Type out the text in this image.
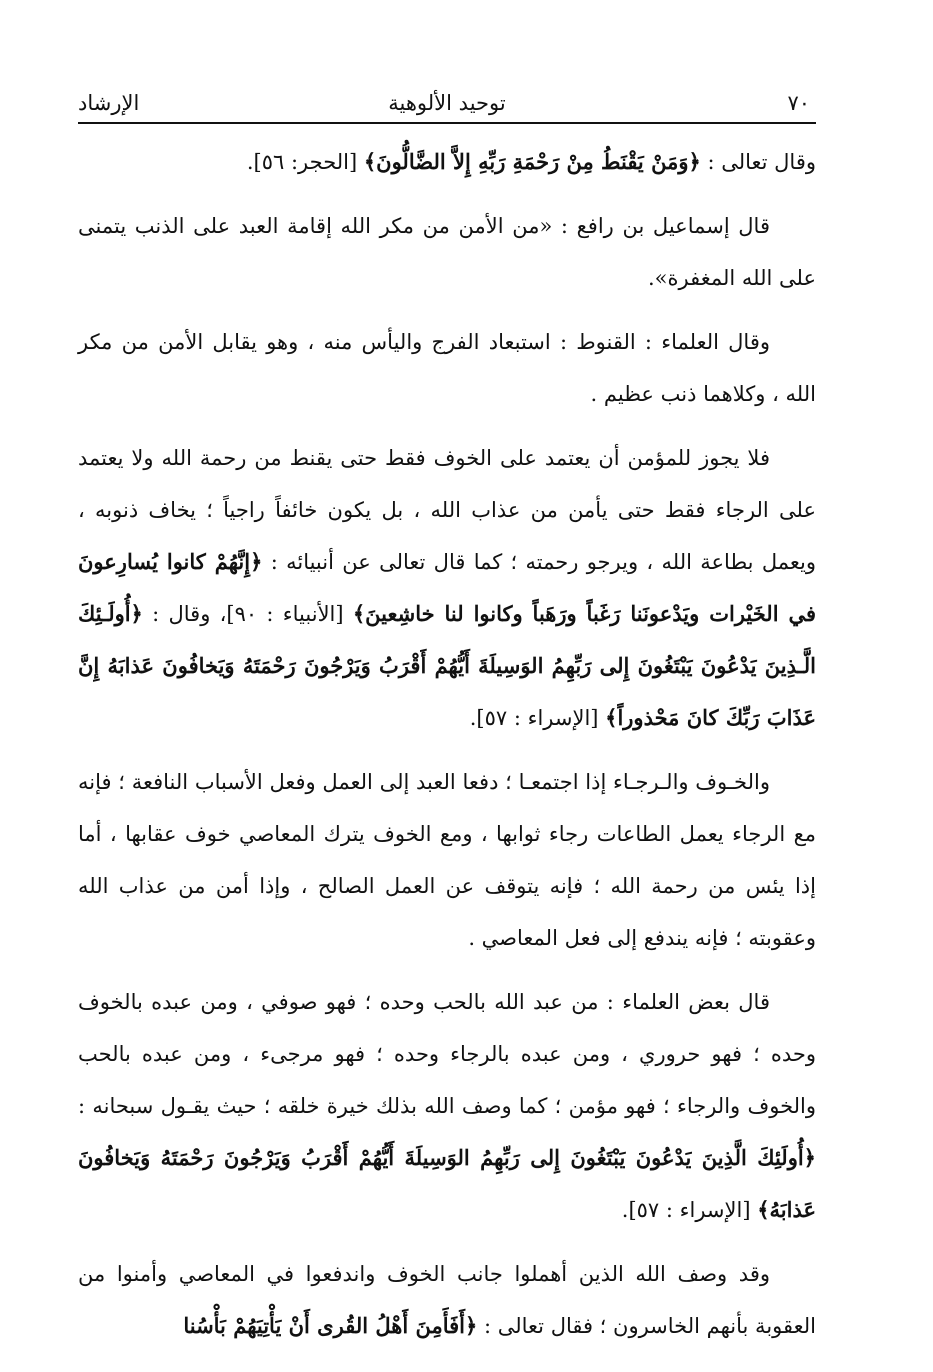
٧٠
توحيد الألوهية
الإرشاد

وقال تعالى : ﴿وَمَنْ يَقْنَطُ مِنْ رَحْمَةِ رَبِّهِ إِلاَّ الضَّالُّونَ﴾ [الحجر: ٥٦].

قال إسماعيل بن رافع : «من الأمن من مكر الله إقامة العبد على الذنب يتمنى على الله المغفرة».

وقال العلماء : القنوط : استبعاد الفرج واليأس منه ، وهو يقابل الأمن من مكر الله ، وكلاهما ذنب عظيم .

فلا يجوز للمؤمن أن يعتمد على الخوف فقط حتى يقنط من رحمة الله ولا يعتمد على الرجاء فقط حتى يأمن من عذاب الله ، بل يكون خائفاً راجياً ؛ يخاف ذنوبه ، ويعمل بطاعة الله ، ويرجو رحمته ؛ كما قال تعالى عن أنبيائه : ﴿إِنَّهُمْ كانوا يُسارِعونَ في الخَيْرات ويَدْعونَنا رَغَباً ورَهَباً وكانوا لنا خاشِعينَ﴾ [الأنبياء : ٩٠]، وقال : ﴿أُولَـئِكَ الَّـذِينَ يَدْعُونَ يَبْتَغُونَ إِلى رَبِّهِمُ الوَسِيلَةَ أَيُّهُمْ أَقْرَبُ وَيَرْجُونَ رَحْمَتَهُ وَيَخافُونَ عَذابَهُ إِنَّ عَذَابَ رَبِّكَ كانَ مَحْذوراً﴾ [الإسراء : ٥٧].

والخـوف والـرجـاء إذا اجتمعـا ؛ دفعا العبد إلى العمل وفعل الأسباب النافعة ؛ فإنه مع الرجاء يعمل الطاعات رجاء ثوابها ، ومع الخوف يترك المعاصي خوف عقابها ، أما إذا يئس من رحمة الله ؛ فإنه يتوقف عن العمل الصالح ، وإذا أمن من عذاب الله وعقوبته ؛ فإنه يندفع إلى فعل المعاصي .

قال بعض العلماء : من عبد الله بالحب وحده ؛ فهو صوفي ، ومن عبده بالخوف وحده ؛ فهو حروري ، ومن عبده بالرجاء وحده ؛ فهو مرجىء ، ومن عبده بالحب والخوف والرجاء ؛ فهو مؤمن ؛ كما وصف الله بذلك خيرة خلقه ؛ حيث يقـول سبحانه : ﴿أُولَئِكَ الَّذِينَ يَدْعُونَ يَبْتَغُونَ إِلى رَبِّهِمُ الوَسِيلَةَ أَيُّهُمْ أَقْرَبُ وَيَرْجُونَ رَحْمَتَهُ وَيَخافُونَ عَذابَهُ﴾ [الإسراء : ٥٧].

وقد وصف الله الذين أهملوا جانب الخوف واندفعوا في المعاصي وأمنوا من العقوبة بأنهم الخاسرون ؛ فقال تعالى : ﴿أَفَأَمِنَ أَهْلُ القُرى أَنْ يَأْتِيَهُمْ بَأْسُنا
